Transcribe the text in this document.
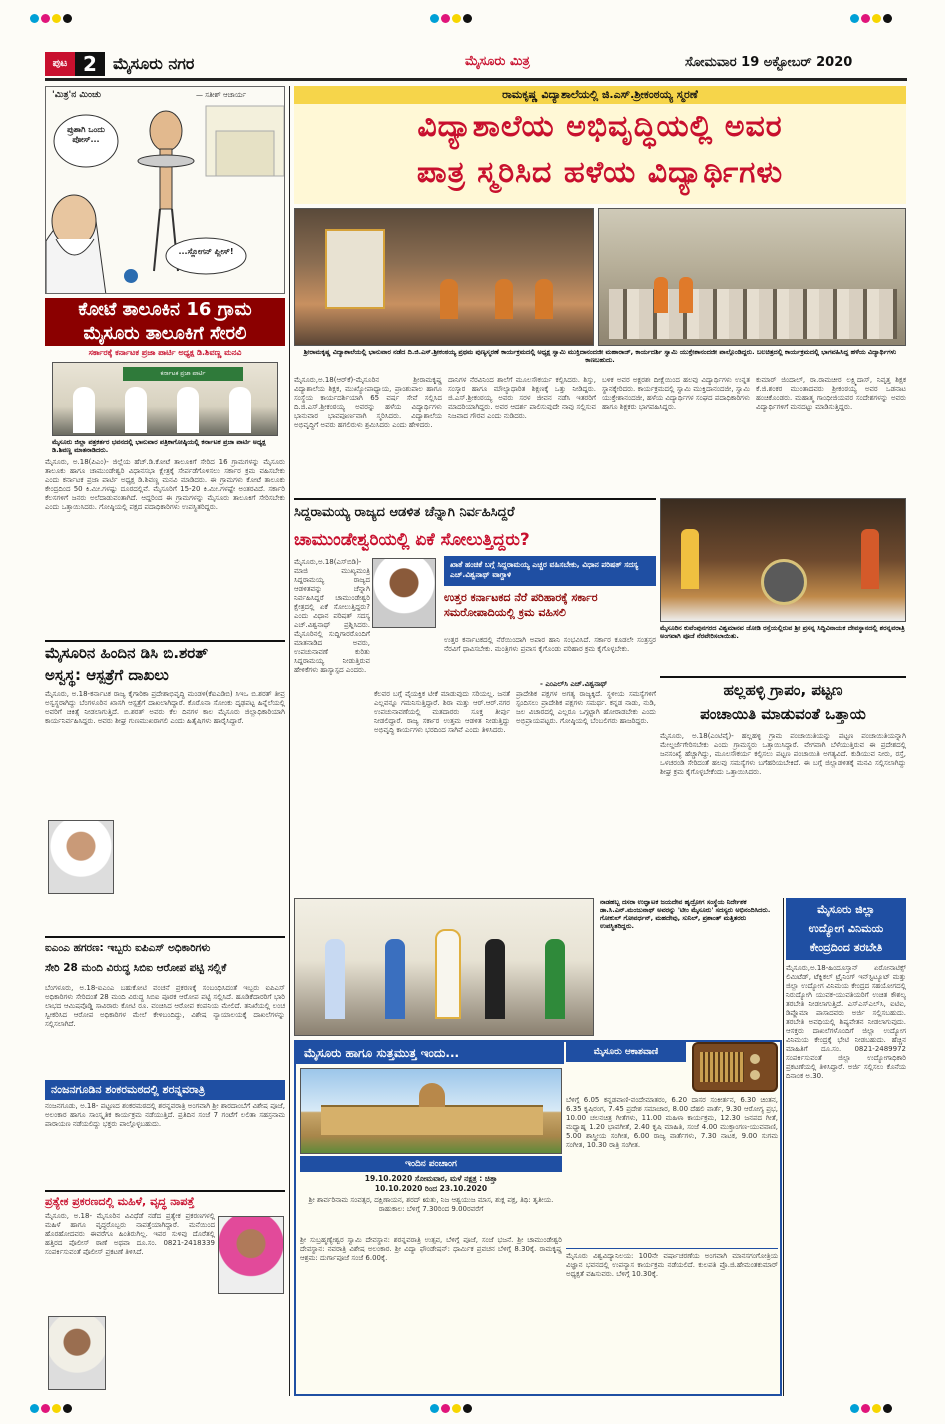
ಪುಟ 2	ಮೈಸೂರು ನಗರ	ಮೈಸೂರು ಮಿತ್ರ	ಸೋಮವಾರ 19 ಅಕ್ಟೋಬರ್ 2020
'ಮಿತ್ರ'ನ ಮಿಂಚು	— ಸತೀಶ್ ಆಚಾರ್ಯ
ಪ್ರುಶಾಗಿ ಒಂದು ಪೋಸ್...
...ಸ್ಲೋಗನ್ ಪ್ಲೀಸ್!
ರಾಮಕೃಷ್ಣ ವಿದ್ಯಾಶಾಲೆಯಲ್ಲಿ ಜಿ.ಎಸ್.ಶ್ರೀಕಂಠಯ್ಯ ಸ್ಮರಣೆ
ವಿದ್ಯಾಶಾಲೆಯ ಅಭಿವೃದ್ಧಿಯಲ್ಲಿ ಅವರ
ಪಾತ್ರ ಸ್ಮರಿಸಿದ ಹಳೆಯ ವಿದ್ಯಾರ್ಥಿಗಳು
ಶ್ರೀರಾಮಕೃಷ್ಣ ವಿದ್ಯಾಶಾಲೆಯಲ್ಲಿ ಭಾನುವಾರ ನಡೆದ ದಿ.ಜಿ.ಎಸ್.ಶ್ರೀಕಂಠಯ್ಯ ಪ್ರಥಮ ಪುಣ್ಯಸ್ಮರಣೆ ಕಾರ್ಯಕ್ರಮದಲ್ಲಿ ಅಧ್ಯಕ್ಷ ಸ್ವಾಮಿ ಮುಕ್ತಿದಾನಂದಜೀ ಮಹಾರಾಜ್, ಕಾರ್ಯದರ್ಶಿ ಸ್ವಾಮಿ ಯುಕ್ತೇಶಾನಂದಜೀ ಪಾಲ್ಗೊಂಡಿದ್ದರು. ಬಲಚಿತ್ರದಲ್ಲಿ ಕಾರ್ಯಕ್ರಮದಲ್ಲಿ ಭಾಗವಹಿಸಿದ್ದ ಹಳೆಯ ವಿದ್ಯಾರ್ಥಿಗಳು ಕಾಣಬಹುದು.
ಮೈಸೂರು,ಅ.18(ಆರ್‌ಕೆ)-ಮೈಸೂರಿನ ಶ್ರೀರಾಮಕೃಷ್ಣ ವಿದ್ಯಾಶಾಲೆಯ ಶಿಕ್ಷಕ, ಮುಖ್ಯೋಪಾಧ್ಯಾಯ, ಪ್ರಾಂಶುಪಾಲ ಹಾಗೂ ಸಂಸ್ಥೆಯ ಕಾರ್ಯದರ್ಶಿಯಾಗಿ 65 ವರ್ಷ ಸೇವೆ ಸಲ್ಲಿಸಿದ ದಿ.ಜಿ.ಎಸ್.ಶ್ರೀಕಂಠಯ್ಯ ಅವರನ್ನು ಹಳೆಯ ವಿದ್ಯಾರ್ಥಿಗಳು ಭಾನುವಾರ ಭಾವಪೂರ್ಣವಾಗಿ ಸ್ಮರಿಸಿದರು. ವಿದ್ಯಾಶಾಲೆಯ ಅಭಿವೃದ್ಧಿಗೆ ಅವರು ಹಗಲಿರುಳು ಶ್ರಮಿಸಿದರು ಎಂದು ಹೇಳಿದರು.
ದಾನಿಗಳ ನೆರವಿನಿಂದ ಶಾಲೆಗೆ ಮೂಲಸೌಕರ್ಯ ಕಲ್ಪಿಸಿದರು. ಶಿಸ್ತು, ಸಂಸ್ಕಾರ ಹಾಗೂ ಮೌಲ್ಯಾಧಾರಿತ ಶಿಕ್ಷಣಕ್ಕೆ ಒತ್ತು ನೀಡಿದ್ದರು. ಜಿ.ಎಸ್.ಶ್ರೀಕಂಠಯ್ಯ ಅವರು ಸರಳ ಜೀವನ ನಡೆಸಿ ಇತರರಿಗೆ ಮಾದರಿಯಾಗಿದ್ದರು. ಅವರ ಆದರ್ಶ ಪಾಲಿಸುವುದೇ ನಾವು ಸಲ್ಲಿಸುವ ನಿಜವಾದ ಗೌರವ ಎಂದು ನುಡಿದರು.
ಬಳಿಕ ಅವರ ಅಕ್ಷರಶಃ ದೀಕ್ಷೆಯಿಂದ ಹಲವು ವಿದ್ಯಾರ್ಥಿಗಳು ಉನ್ನತ ಸ್ಥಾನಕ್ಕೇರಿದರು. ಕಾರ್ಯಕ್ರಮದಲ್ಲಿ ಸ್ವಾಮಿ ಮುಕ್ತಿದಾನಂದಜೀ, ಸ್ವಾಮಿ ಯುಕ್ತೇಶಾನಂದಜೀ, ಹಳೆಯ ವಿದ್ಯಾರ್ಥಿಗಳ ಸಂಘದ ಪದಾಧಿಕಾರಿಗಳು ಹಾಗೂ ಶಿಕ್ಷಕರು ಭಾಗವಹಿಸಿದ್ದರು.
ಕುಮಾರ್ ಜಿಂದಾಲ್, ರಾ.ರಾಮಚೀರ ಲಕ್ಷ್ಮಿದಾಸ್, ನಿವೃತ್ತ ಶಿಕ್ಷಕ ಕೆ.ಜಿ.ಶಂಕರ ಮುಂತಾದವರು ಶ್ರೀಕಂಠಯ್ಯ ಅವರ ಒಡನಾಟ ಹಂಚಿಕೊಂಡರು. ಮಹಾತ್ಮ ಗಾಂಧೀಜಿಯವರ ಸಂದೇಶಗಳನ್ನು ಅವರು ವಿದ್ಯಾರ್ಥಿಗಳಿಗೆ ಮನದಟ್ಟು ಮಾಡಿಸುತ್ತಿದ್ದರು.
ಕೋಟೆ ತಾಲೂಕಿನ 16 ಗ್ರಾಮ
ಮೈಸೂರು ತಾಲೂಕಿಗೆ ಸೇರಲಿ
ಸರ್ಕಾರಕ್ಕೆ ಕರ್ನಾಟಕ ಪ್ರಜಾ ಪಾರ್ಟಿ ಅಧ್ಯಕ್ಷ ಡಿ.ಶಿವಣ್ಣ ಮನವಿ
ಕರ್ನಾಟಕ ಪ್ರಜಾ ಪಾರ್ಟಿ
ಮೈಸೂರು ಜಿಲ್ಲಾ ಪತ್ರಕರ್ತರ ಭವನದಲ್ಲಿ ಭಾನುವಾರ ಪತ್ರಿಕಾಗೋಷ್ಠಿಯಲ್ಲಿ ಕರ್ನಾಟಕ ಪ್ರಜಾ ಪಾರ್ಟಿ ಅಧ್ಯಕ್ಷ ಡಿ.ಶಿವಣ್ಣ ಮಾತನಾಡಿದರು.
ಮೈಸೂರು, ಅ.18(ಪಿಎಂ)- ಜಿಲ್ಲೆಯ ಹೆಚ್.ಡಿ.ಕೋಟೆ ತಾಲೂಕಿಗೆ ಸೇರಿದ 16 ಗ್ರಾಮಗಳನ್ನು ಮೈಸೂರು ತಾಲೂಕು ಹಾಗೂ ಚಾಮುಂಡೇಶ್ವರಿ ವಿಧಾನಸಭಾ ಕ್ಷೇತ್ರಕ್ಕೆ ಸೇರ್ಪಡೆಗೊಳಿಸಲು ಸರ್ಕಾರ ಕ್ರಮ ವಹಿಸಬೇಕು ಎಂದು ಕರ್ನಾಟಕ ಪ್ರಜಾ ಪಾರ್ಟಿ ಅಧ್ಯಕ್ಷ ಡಿ.ಶಿವಣ್ಣ ಮನವಿ ಮಾಡಿದರು. ಈ ಗ್ರಾಮಗಳು ಕೋಟೆ ತಾಲೂಕು ಕೇಂದ್ರದಿಂದ 50 ಕಿ.ಮೀ.ಗಳಷ್ಟು ದೂರದಲ್ಲಿವೆ. ಮೈಸೂರಿಗೆ 15-20 ಕಿ.ಮೀ.ಗಳಷ್ಟೇ ಅಂತರವಿದೆ. ಸರ್ಕಾರಿ ಕೆಲಸಗಳಿಗೆ ಜನರು ಅಲೆದಾಡುವಂತಾಗಿದೆ. ಆದ್ದರಿಂದ ಈ ಗ್ರಾಮಗಳನ್ನು ಮೈಸೂರು ತಾಲೂಕಿಗೆ ಸೇರಿಸಬೇಕು ಎಂದು ಒತ್ತಾಯಿಸಿದರು. ಗೋಷ್ಠಿಯಲ್ಲಿ ಪಕ್ಷದ ಪದಾಧಿಕಾರಿಗಳು ಉಪಸ್ಥಿತರಿದ್ದರು.
ಮೈಸೂರಿನ ಹಿಂದಿನ ಡಿಸಿ ಬಿ.ಶರತ್
ಅಸ್ವಸ್ಥ: ಆಸ್ಪತ್ರೆಗೆ ದಾಖಲು
ಮೈಸೂರು, ಅ.18-ಕರ್ನಾಟಕ ರಾಜ್ಯ ಕೈಗಾರಿಕಾ ಪ್ರದೇಶಾಭಿವೃದ್ಧಿ ಮಂಡಳಿ(ಕೆಐಎಡಿಬಿ) ಸಿಇಒ ಬಿ.ಶರತ್ ತೀವ್ರ ಅಸ್ವಸ್ಥರಾಗಿದ್ದು ಬೆಂಗಳೂರಿನ ಖಾಸಗಿ ಆಸ್ಪತ್ರೆಗೆ ದಾಖಲಾಗಿದ್ದಾರೆ. ಕೊರೊನಾ ಸೋಂಕು ದೃಢಪಟ್ಟ ಹಿನ್ನೆಲೆಯಲ್ಲಿ ಅವರಿಗೆ ಚಿಕಿತ್ಸೆ ನೀಡಲಾಗುತ್ತಿದೆ. ಬಿ.ಶರತ್ ಅವರು ಕೆಲ ದಿನಗಳ ಕಾಲ ಮೈಸೂರು ಜಿಲ್ಲಾಧಿಕಾರಿಯಾಗಿ ಕಾರ್ಯನಿರ್ವಹಿಸಿದ್ದರು. ಅವರು ಶೀಘ್ರ ಗುಣಮುಖರಾಗಲಿ ಎಂದು ಹಿತೈಷಿಗಳು ಹಾರೈಸಿದ್ದಾರೆ.
ಐಎಂಎ ಹಗರಣ: ಇಬ್ಬರು ಐಪಿಎಸ್ ಅಧಿಕಾರಿಗಳು
ಸೇರಿ 28 ಮಂದಿ ವಿರುದ್ಧ ಸಿಬಿಐ ಆರೋಪ ಪಟ್ಟಿ ಸಲ್ಲಿಕೆ
ಬೆಂಗಳೂರು, ಅ.18-ಐಎಂಎ ಬಹುಕೋಟಿ ವಂಚನೆ ಪ್ರಕರಣಕ್ಕೆ ಸಂಬಂಧಿಸಿದಂತೆ ಇಬ್ಬರು ಐಪಿಎಸ್ ಅಧಿಕಾರಿಗಳು ಸೇರಿದಂತೆ 28 ಮಂದಿ ವಿರುದ್ಧ ಸಿಬಿಐ ಪೂರಕ ಆರೋಪ ಪಟ್ಟಿ ಸಲ್ಲಿಸಿದೆ. ಹೂಡಿಕೆದಾರರಿಗೆ ಭಾರಿ ಲಾಭದ ಆಮಿಷವೊಡ್ಡಿ ಸಾವಿರಾರು ಕೋಟಿ ರೂ. ವಂಚಿಸಿದ ಆರೋಪ ಕಂಪನಿಯ ಮೇಲಿದೆ. ತನಿಖೆಯಲ್ಲಿ ಲಂಚ ಸ್ವೀಕರಿಸಿದ ಆರೋಪ ಅಧಿಕಾರಿಗಳ ಮೇಲೆ ಕೇಳಿಬಂದಿದ್ದು, ವಿಶೇಷ ನ್ಯಾಯಾಲಯಕ್ಕೆ ದಾಖಲೆಗಳನ್ನು ಸಲ್ಲಿಸಲಾಗಿದೆ.
ನಂಜನಗೂಡಿನ ಶಂಕರಮಠದಲ್ಲಿ ಶರನ್ನವರಾತ್ರಿ
ನಂಜನಗೂಡು, ಅ.18- ಪಟ್ಟಣದ ಶಂಕರಮಠದಲ್ಲಿ ಶರನ್ನವರಾತ್ರಿ ಅಂಗವಾಗಿ ಶ್ರೀ ಶಾರದಾಂಬೆಗೆ ವಿಶೇಷ ಪೂಜೆ, ಅಲಂಕಾರ ಹಾಗೂ ಸಾಂಸ್ಕೃತಿಕ ಕಾರ್ಯಕ್ರಮ ನಡೆಯುತ್ತಿದೆ. ಪ್ರತಿದಿನ ಸಂಜೆ 7 ಗಂಟೆಗೆ ಲಲಿತಾ ಸಹಸ್ರನಾಮ ಪಾರಾಯಣ ನಡೆಯಲಿದ್ದು ಭಕ್ತರು ಪಾಲ್ಗೊಳ್ಳಬಹುದು.
ಪ್ರತ್ಯೇಕ ಪ್ರಕರಣದಲ್ಲಿ ಮಹಿಳೆ, ವೃದ್ಧ ನಾಪತ್ತೆ
ಮೈಸೂರು, ಅ.18- ಮೈಸೂರಿನ ವಿವಿಧೆಡೆ ನಡೆದ ಪ್ರತ್ಯೇಕ ಪ್ರಕರಣಗಳಲ್ಲಿ ಮಹಿಳೆ ಹಾಗೂ ವೃದ್ಧರೊಬ್ಬರು ನಾಪತ್ತೆಯಾಗಿದ್ದಾರೆ. ಮನೆಯಿಂದ ಹೊರಹೋದವರು ಈವರೆಗೂ ಹಿಂತಿರುಗಿಲ್ಲ. ಇವರ ಸುಳಿವು ದೊರೆತಲ್ಲಿ ಹತ್ತಿರದ ಪೊಲೀಸ್ ಠಾಣೆ ಅಥವಾ ದೂ.ಸಂ. 0821-2418339 ಸಂಪರ್ಕಿಸುವಂತೆ ಪೊಲೀಸ್ ಪ್ರಕಟಣೆ ತಿಳಿಸಿದೆ.
ಸಿದ್ದರಾಮಯ್ಯ ರಾಜ್ಯದ ಆಡಳಿತ ಚೆನ್ನಾಗಿ ನಿರ್ವಹಿಸಿದ್ದರೆ
ಚಾಮುಂಡೇಶ್ವರಿಯಲ್ಲಿ ಏಕೆ ಸೋಲುತ್ತಿದ್ದರು?
ಖಾತೆ ಹಂಚಿಕೆ ಬಗ್ಗೆ ಸಿದ್ದರಾಮಯ್ಯ ಎಚ್ಚರ ವಹಿಸಬೇಕು, ವಿಧಾನ ಪರಿಷತ್ ಸದಸ್ಯ ಎಚ್.ವಿಶ್ವನಾಥ್ ವಾಗ್ದಾಳಿ
ಉತ್ತರ ಕರ್ನಾಟಕದ ನೆರೆ ಪರಿಹಾರಕ್ಕೆ ಸರ್ಕಾರ ಸಮರೋಪಾದಿಯಲ್ಲಿ ಕ್ರಮ ವಹಿಸಲಿ
ಉತ್ತರ ಕರ್ನಾಟಕದಲ್ಲಿ ನೆರೆಯಿಂದಾಗಿ ಅಪಾರ ಹಾನಿ ಸಂಭವಿಸಿದೆ. ಸರ್ಕಾರ ಕೂಡಲೇ ಸಂತ್ರಸ್ತರ ನೆರವಿಗೆ ಧಾವಿಸಬೇಕು. ಮಂತ್ರಿಗಳು ಪ್ರವಾಸ ಕೈಗೊಂಡು ಪರಿಹಾರ ಕ್ರಮ ಕೈಗೊಳ್ಳಬೇಕು.
- ಎಂಎಲ್‌ಸಿ ಎಚ್.ವಿಶ್ವನಾಥ್
ಮೈಸೂರು,ಅ.18(ಎಸ್‌ಬಿಡಿ)-ಮಾಜಿ ಮುಖ್ಯಮಂತ್ರಿ ಸಿದ್ದರಾಮಯ್ಯ ರಾಜ್ಯದ ಆಡಳಿತವನ್ನು ಚೆನ್ನಾಗಿ ನಿರ್ವಹಿಸಿದ್ದರೆ ಚಾಮುಂಡೇಶ್ವರಿ ಕ್ಷೇತ್ರದಲ್ಲಿ ಏಕೆ ಸೋಲುತ್ತಿದ್ದರು? ಎಂದು ವಿಧಾನ ಪರಿಷತ್ ಸದಸ್ಯ ಎಚ್.ವಿಶ್ವನಾಥ್ ಪ್ರಶ್ನಿಸಿದರು. ಮೈಸೂರಿನಲ್ಲಿ ಸುದ್ದಿಗಾರರೊಂದಿಗೆ ಮಾತನಾಡಿದ ಅವರು, ಉಪಚುನಾವಣೆ ಕುರಿತು ಸಿದ್ದರಾಮಯ್ಯ ನೀಡುತ್ತಿರುವ ಹೇಳಿಕೆಗಳು ಹಾಸ್ಯಾಸ್ಪದ ಎಂದರು.
ಕೆಲವರ ಬಗ್ಗೆ ವೈಯಕ್ತಿಕ ಟೀಕೆ ಮಾಡುವುದು ಸರಿಯಲ್ಲ. ಜನತೆ ಎಲ್ಲವನ್ನೂ ಗಮನಿಸುತ್ತಿದ್ದಾರೆ. ಶಿರಾ ಮತ್ತು ಆರ್.ಆರ್.ನಗರ ಉಪಚುನಾವಣೆಯಲ್ಲಿ ಮತದಾರರು ಸೂಕ್ತ ತೀರ್ಪು ನೀಡಲಿದ್ದಾರೆ. ರಾಜ್ಯ ಸರ್ಕಾರ ಉತ್ತಮ ಆಡಳಿತ ನೀಡುತ್ತಿದ್ದು ಅಭಿವೃದ್ಧಿ ಕಾರ್ಯಗಳು ಭರದಿಂದ ಸಾಗಿವೆ ಎಂದು ತಿಳಿಸಿದರು.
ಪ್ರಾದೇಶಿಕ ಪಕ್ಷಗಳ ಅಗತ್ಯ ರಾಜ್ಯಕ್ಕಿದೆ. ಸ್ಥಳೀಯ ಸಮಸ್ಯೆಗಳಿಗೆ ಸ್ಪಂದಿಸಲು ಪ್ರಾದೇಶಿಕ ಪಕ್ಷಗಳು ಸಮರ್ಥ. ಕನ್ನಡ ನಾಡು, ನುಡಿ, ಜಲ ವಿಚಾರದಲ್ಲಿ ಎಲ್ಲರೂ ಒಗ್ಗಟ್ಟಾಗಿ ಹೋರಾಡಬೇಕು ಎಂದು ಅಭಿಪ್ರಾಯಪಟ್ಟರು. ಗೋಷ್ಠಿಯಲ್ಲಿ ಬೆಂಬಲಿಗರು ಹಾಜರಿದ್ದರು.
ಮೈಸೂರಿನ ಕುವೆಂಪುನಗರದ ವಿಶ್ವಮಾನವ ಜೋಡಿ ರಸ್ತೆಯಲ್ಲಿರುವ ಶ್ರೀ ಪ್ರಸನ್ನ ಸಿದ್ಧಿವಿನಾಯಕ ದೇವಸ್ಥಾನದಲ್ಲಿ ಶರನ್ನವರಾತ್ರಿ ಅಂಗವಾಗಿ ಪೂಜೆ ನೆರವೇರಿಸಲಾಯಿತು.
ಹಲ್ಲಹಳ್ಳಿ ಗ್ರಾಪಂ, ಪಟ್ಟಣ
ಪಂಚಾಯಿತಿ ಮಾಡುವಂತೆ ಒತ್ತಾಯ
ಮೈಸೂರು, ಅ.18(ಎಂಟಿವೈ)- ಹಲ್ಲಹಳ್ಳಿ ಗ್ರಾಮ ಪಂಚಾಯಿತಿಯನ್ನು ಪಟ್ಟಣ ಪಂಚಾಯಿತಿಯನ್ನಾಗಿ ಮೇಲ್ದರ್ಜೆಗೇರಿಸಬೇಕು ಎಂದು ಗ್ರಾಮಸ್ಥರು ಒತ್ತಾಯಿಸಿದ್ದಾರೆ. ವೇಗವಾಗಿ ಬೆಳೆಯುತ್ತಿರುವ ಈ ಪ್ರದೇಶದಲ್ಲಿ ಜನಸಂಖ್ಯೆ ಹೆಚ್ಚಾಗಿದ್ದು, ಮೂಲಸೌಕರ್ಯ ಕಲ್ಪಿಸಲು ಪಟ್ಟಣ ಪಂಚಾಯಿತಿ ಅಗತ್ಯವಿದೆ. ಕುಡಿಯುವ ನೀರು, ರಸ್ತೆ, ಒಳಚರಂಡಿ ಸೇರಿದಂತೆ ಹಲವು ಸಮಸ್ಯೆಗಳು ಬಗೆಹರಿಯಬೇಕಿದೆ. ಈ ಬಗ್ಗೆ ಜಿಲ್ಲಾಡಳಿತಕ್ಕೆ ಮನವಿ ಸಲ್ಲಿಸಲಾಗಿದ್ದು ಶೀಘ್ರ ಕ್ರಮ ಕೈಗೊಳ್ಳಬೇಕೆಂದು ಒತ್ತಾಯಿಸಿದರು.
ನಾಡಹಬ್ಬ ದಸರಾ ಉದ್ಘಾಟಕ ಜಯದೇವ ಹೃದ್ರೋಗ ಸಂಸ್ಥೆಯ ನಿರ್ದೇಶಕ ಡಾ.ಸಿ.ಎನ್.ಮಂಜುನಾಥ್ ಅವರನ್ನು 'ಟೀಂ ಮೈಸೂರು' ಸದಸ್ಯರು ಅಭಿನಂದಿಸಿದರು. ಗೋಕುಲ್ ಗೋವರ್ಧನ್, ಮಹದೇವು, ಸುನಿಲ್, ಪ್ರಶಾಂತ್ ಮತ್ತಿತರರು ಉಪಸ್ಥಿತರಿದ್ದರು.
ಮೈಸೂರು ಜಿಲ್ಲಾ
ಉದ್ಯೋಗ ವಿನಿಮಯ
ಕೇಂದ್ರದಿಂದ ತರಬೇತಿ
ಮೈಸೂರು,ಅ.18-ಹಿಂದೂಸ್ತಾನ್ ಏರೋನಾಟಿಕ್ಸ್ ಲಿಮಿಟೆಡ್, ಟೆಕ್ನಿಕಲ್ ಟ್ರೈನಿಂಗ್ ಇನ್‌ಸ್ಟಿಟ್ಯೂಟ್ ಮತ್ತು ಜಿಲ್ಲಾ ಉದ್ಯೋಗ ವಿನಿಮಯ ಕೇಂದ್ರದ ಸಹಯೋಗದಲ್ಲಿ ನಿರುದ್ಯೋಗಿ ಯುವಕ-ಯುವತಿಯರಿಗೆ ಉಚಿತ ಕೌಶಲ್ಯ ತರಬೇತಿ ನೀಡಲಾಗುತ್ತಿದೆ. ಎಸ್‌ಎಸ್‌ಎಲ್‌ಸಿ, ಐಟಿಐ, ಡಿಪ್ಲೊಮಾ ಪಾಸಾದವರು ಅರ್ಜಿ ಸಲ್ಲಿಸಬಹುದು. ತರಬೇತಿ ಅವಧಿಯಲ್ಲಿ ಶಿಷ್ಯವೇತನ ನೀಡಲಾಗುವುದು. ಆಸಕ್ತರು ದಾಖಲೆಗಳೊಂದಿಗೆ ಜಿಲ್ಲಾ ಉದ್ಯೋಗ ವಿನಿಮಯ ಕೇಂದ್ರಕ್ಕೆ ಭೇಟಿ ನೀಡಬಹುದು. ಹೆಚ್ಚಿನ ಮಾಹಿತಿಗೆ ದೂ.ಸಂ. 0821-2489972 ಸಂಪರ್ಕಿಸುವಂತೆ ಜಿಲ್ಲಾ ಉದ್ಯೋಗಾಧಿಕಾರಿ ಪ್ರಕಟಣೆಯಲ್ಲಿ ತಿಳಿಸಿದ್ದಾರೆ. ಅರ್ಜಿ ಸಲ್ಲಿಸಲು ಕೊನೆಯ ದಿನಾಂಕ ಅ.30.
ಮೈಸೂರು ಹಾಗೂ ಸುತ್ತಮುತ್ತ ಇಂದು...
ಇಂದಿನ ಪಂಚಾಂಗ
19.10.2020 ಸೋಮವಾರ, ಮಳೆ ನಕ್ಷತ್ರ : ಚಿತ್ತಾ
10.10.2020 ರಿಂದ 23.10.2020
ಶ್ರೀ ಶಾರ್ವರಿನಾಮ ಸಂವತ್ಸರ, ದಕ್ಷಿಣಾಯನ, ಶರದ್ ಋತು, ನಿಜ ಆಶ್ವಯುಜ ಮಾಸ, ಶುಕ್ಲ ಪಕ್ಷ, ತಿಥಿ: ತೃತೀಯ. ರಾಹುಕಾಲ: ಬೆಳಿಗ್ಗೆ 7.30ರಿಂದ 9.00ರವರೆಗೆ
ಶ್ರೀ ಸುಬ್ರಹ್ಮಣ್ಯೇಶ್ವರ ಸ್ವಾಮಿ ದೇವಸ್ಥಾನ: ಶರನ್ನವರಾತ್ರಿ ಉತ್ಸವ, ಬೆಳಿಗ್ಗೆ ಪೂಜೆ, ಸಂಜೆ ಭಜನೆ. ಶ್ರೀ ಚಾಮುಂಡೇಶ್ವರಿ ದೇವಸ್ಥಾನ: ನವರಾತ್ರಿ ವಿಶೇಷ ಅಲಂಕಾರ. ಶ್ರೀ ವಿದ್ಯಾ ಫೌಂಡೇಷನ್: ಧಾರ್ಮಿಕ ಪ್ರವಚನ ಬೆಳಿಗ್ಗೆ 8.30ಕ್ಕೆ. ರಾಮಕೃಷ್ಣ ಆಶ್ರಮ: ದುರ್ಗಾಪೂಜೆ ಸಂಜೆ 6.00ಕ್ಕೆ.
ಮೈಸೂರು ಆಕಾಶವಾಣಿ
ಬೆಳಿಗ್ಗೆ 6.05 ಕನ್ನಡವಾಣಿ-ವಂದೇಮಾತರಂ, 6.20 ದಾಸರ ಸಂಕೀರ್ತನ, 6.30 ಚಿಂತನ, 6.35 ಕೃಷಿರಂಗ, 7.45 ಪ್ರದೇಶ ಸಮಾಚಾರ, 8.00 ದೆಹಲಿ ವಾರ್ತೆ, 9.30 ಆರೋಗ್ಯ ಪ್ರಭ, 10.00 ಚಲನಚಿತ್ರ ಗೀತೆಗಳು, 11.00 ಮಹಿಳಾ ಕಾರ್ಯಕ್ರಮ, 12.30 ಜನಪದ ಗೀತೆ, ಮಧ್ಯಾಹ್ನ 1.20 ಭಾವಗೀತೆ, 2.40 ಕೃಷಿ ಮಾಹಿತಿ, ಸಂಜೆ 4.00 ಮುಕ್ತಾಂಗಣ-ಯುವವಾಣಿ, 5.00 ಶಾಸ್ತ್ರೀಯ ಸಂಗೀತ, 6.00 ರಾಜ್ಯ ವಾರ್ತೆಗಳು, 7.30 ನಾಟಕ, 9.00 ಸುಗಮ ಸಂಗೀತ, 10.30 ರಾತ್ರಿ ಸಂಗೀತ.
ಮೈಸೂರು ವಿಶ್ವವಿದ್ಯಾನಿಲಯ: 100ನೇ ವರ್ಷಾಚರಣೆಯ ಅಂಗವಾಗಿ ಮಾನಸಗಂಗೋತ್ರಿಯ ವಿಜ್ಞಾನ ಭವನದಲ್ಲಿ ಉಪನ್ಯಾಸ ಕಾರ್ಯಕ್ರಮ ನಡೆಯಲಿದೆ. ಕುಲಪತಿ ಪ್ರೊ.ಜಿ.ಹೇಮಂತಕುಮಾರ್ ಅಧ್ಯಕ್ಷತೆ ವಹಿಸುವರು. ಬೆಳಿಗ್ಗೆ 10.30ಕ್ಕೆ.
